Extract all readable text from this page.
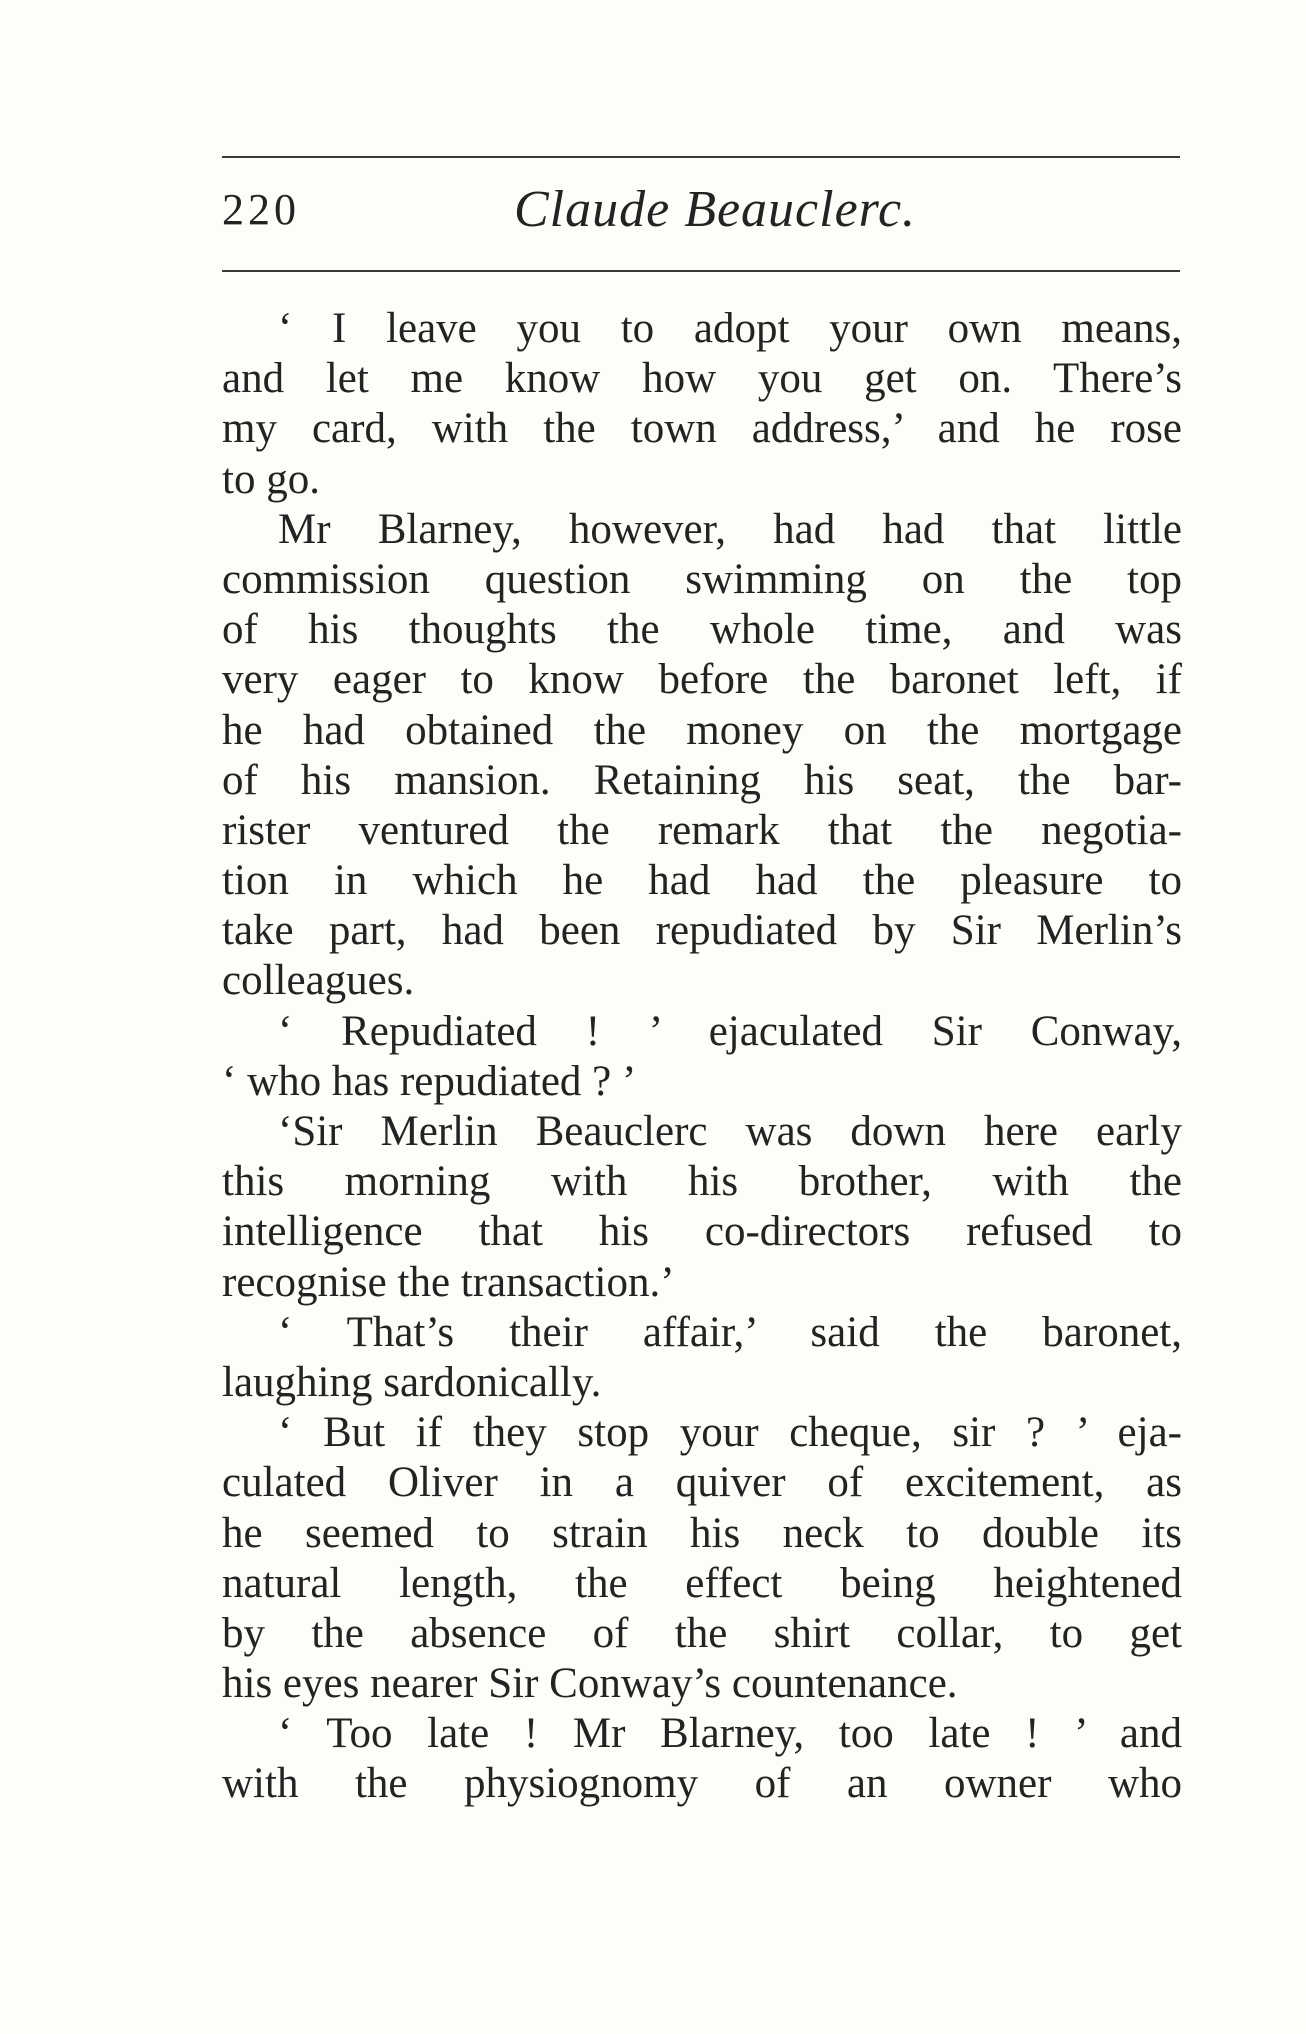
220	Claude Beauclerc.
‘ I leave you to adopt your own means,
and let me know how you get on. There’s
my card, with the town address,’ and he rose
to go.
Mr Blarney, however, had had that little
commission question swimming on the top
of his thoughts the whole time, and was
very eager to know before the baronet left, if
he had obtained the money on the mortgage
of his mansion. Retaining his seat, the bar-
rister ventured the remark that the negotia-
tion in which he had had the pleasure to
take part, had been repudiated by Sir Merlin’s
colleagues.
‘ Repudiated ! ’ ejaculated Sir Conway,
‘ who has repudiated ? ’
‘Sir Merlin Beauclerc was down here early
this morning with his brother, with the
intelligence that his co-directors refused to
recognise the transaction.’
‘ That’s their affair,’ said the baronet,
laughing sardonically.
‘ But if they stop your cheque, sir ? ’ eja-
culated Oliver in a quiver of excitement, as
he seemed to strain his neck to double its
natural length, the effect being heightened
by the absence of the shirt collar, to get
his eyes nearer Sir Conway’s countenance.
‘ Too late ! Mr Blarney, too late ! ’ and
with the physiognomy of an owner who
